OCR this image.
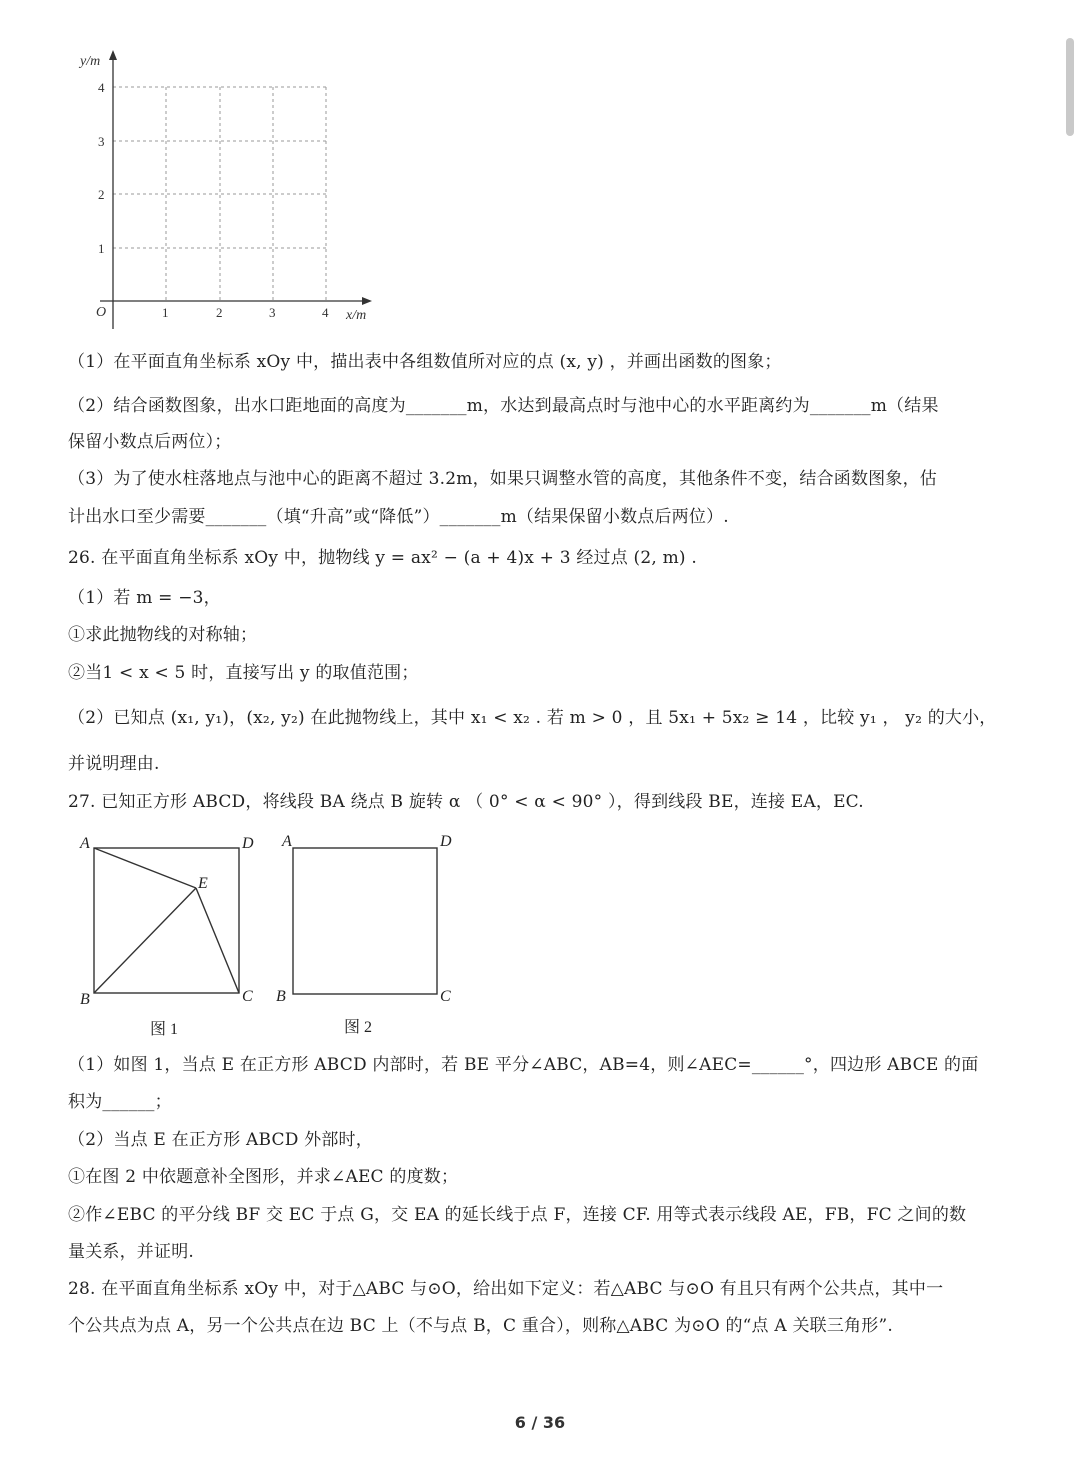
y/m
x/m
O	1	2	3	4
4
3
2
1
（1）在平面直角坐标系 xOy 中，描出表中各组数值所对应的点 (x, y) ，并画出函数的图象；
（2）结合函数图象，出水口距地面的高度为_______m，水达到最高点时与池中心的水平距离约为_______m（结果
保留小数点后两位）；
（3）为了使水柱落地点与池中心的距离不超过 3.2m，如果只调整水管的高度，其他条件不变，结合函数图象，估
计出水口至少需要_______（填“升高”或“降低”）_______m（结果保留小数点后两位）.
26. 在平面直角坐标系 xOy 中，抛物线 y = ax² − (a + 4)x + 3 经过点 (2, m) .
（1）若 m = −3，
①求此抛物线的对称轴；
②当1 < x < 5 时，直接写出 y 的取值范围；
（2）已知点 (x₁, y₁)，(x₂, y₂) 在此抛物线上，其中 x₁ < x₂ . 若 m > 0 ，且 5x₁ + 5x₂ ≥ 14 ，比较 y₁ ， y₂ 的大小，
并说明理由.
27. 已知正方形 ABCD，将线段 BA 绕点 B 旋转 α （ 0° < α < 90° ），得到线段 BE，连接 EA，EC.
A	D
E
B	C
图 1
A	D
B	C
图 2
（1）如图 1，当点 E 在正方形 ABCD 内部时，若 BE 平分∠ABC，AB=4，则∠AEC=______°，四边形 ABCE 的面
积为______；
（2）当点 E 在正方形 ABCD 外部时，
①在图 2 中依题意补全图形，并求∠AEC 的度数；
②作∠EBC 的平分线 BF 交 EC 于点 G，交 EA 的延长线于点 F，连接 CF. 用等式表示线段 AE，FB，FC 之间的数
量关系，并证明.
28. 在平面直角坐标系 xOy 中，对于△ABC 与⊙O，给出如下定义：若△ABC 与⊙O 有且只有两个公共点，其中一
个公共点为点 A，另一个公共点在边 BC 上（不与点 B，C 重合），则称△ABC 为⊙O 的“点 A 关联三角形”.
6 / 36
